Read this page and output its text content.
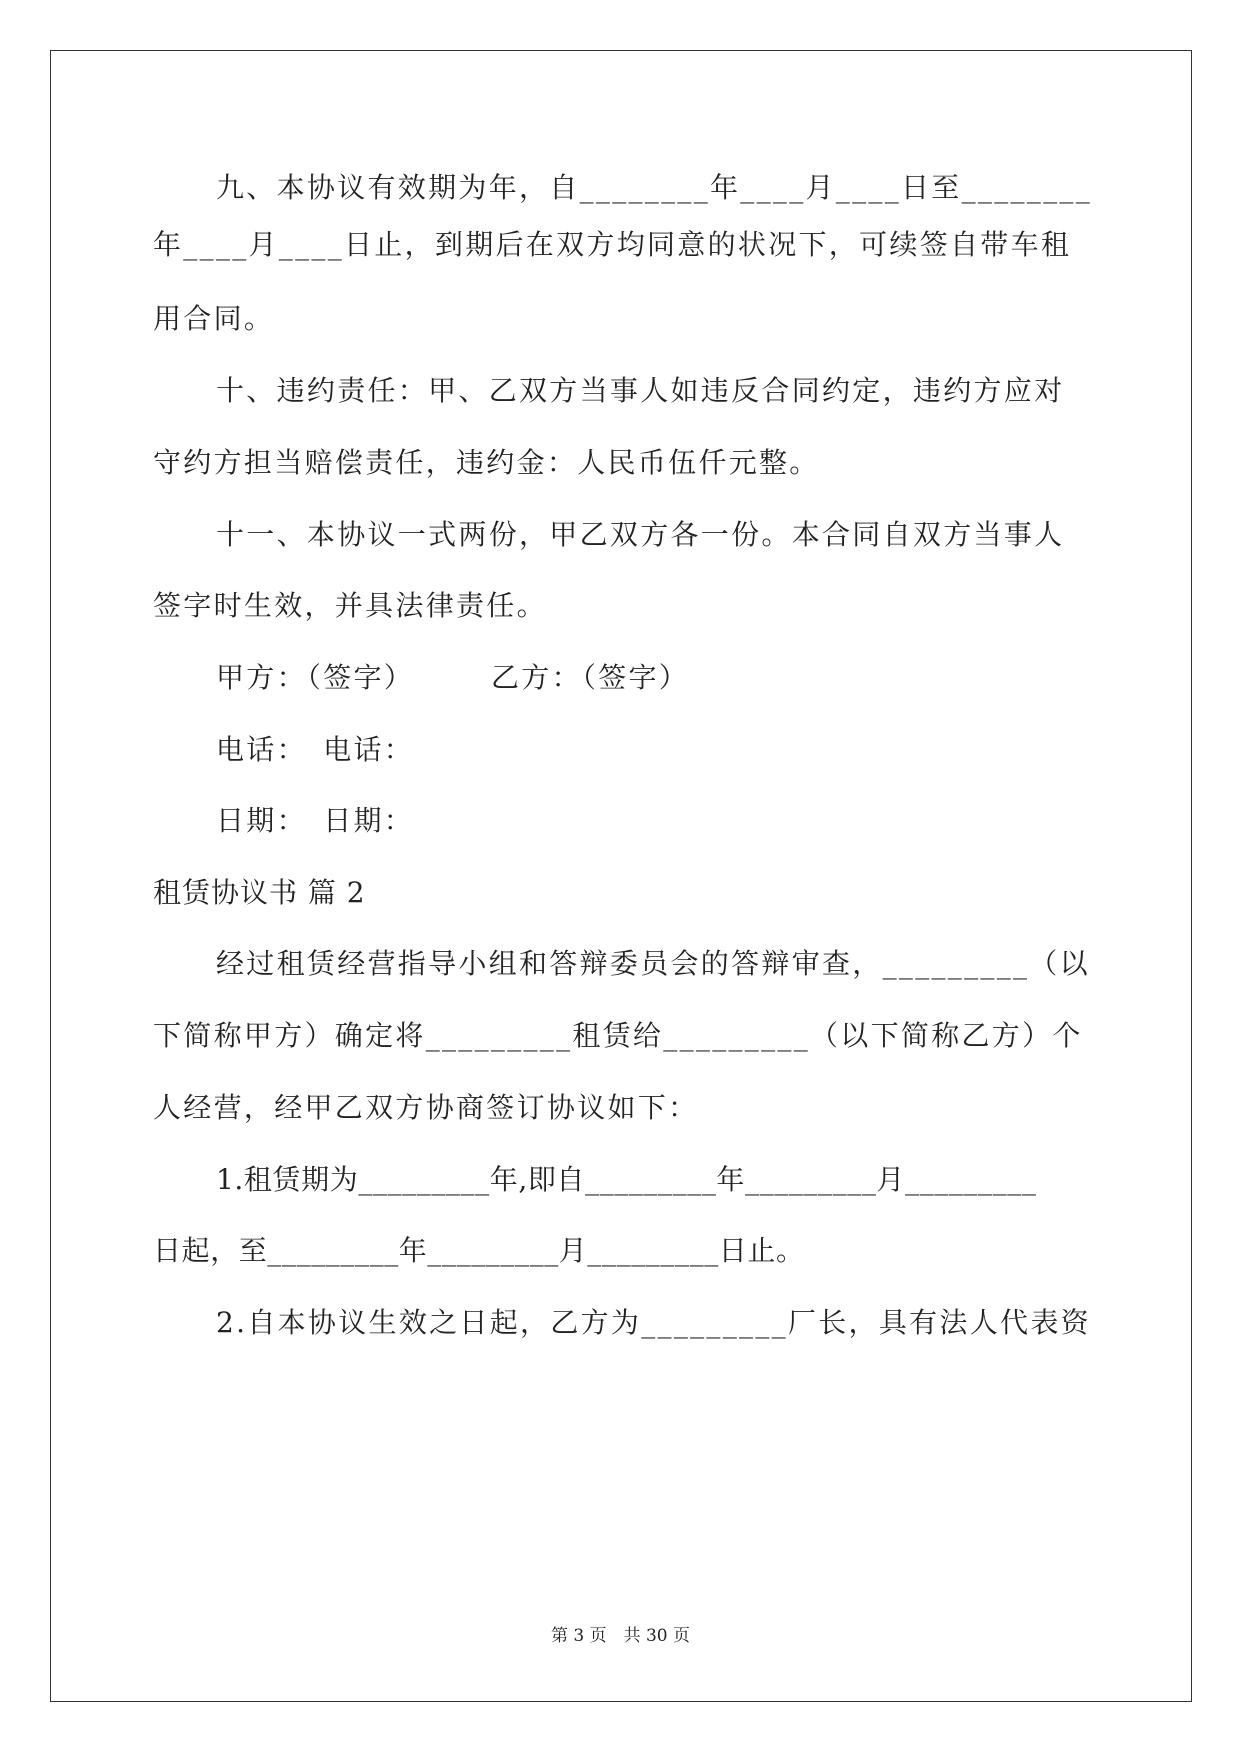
九、本协议有效期为年，自________年____月____日至________
年____月____日止，到期后在双方均同意的状况下，可续签自带车租
用合同。
十、违约责任：甲、乙双方当事人如违反合同约定，违约方应对
守约方担当赔偿责任，违约金：人民币伍仟元整。
十一、本协议一式两份，甲乙双方各一份。本合同自双方当事人
签字时生效，并具法律责任。
甲方：（签字）　　　乙方：（签字）
电话：　电话：
日期：　日期：
租赁协议书 篇 2
经过租赁经营指导小组和答辩委员会的答辩审查，_________（以
下简称甲方）确定将_________租赁给_________（以下简称乙方）个
人经营，经甲乙双方协商签订协议如下：
1.租赁期为_________年,即自_________年_________月_________
日起，至_________年_________月_________日止。
2.自本协议生效之日起，乙方为_________厂长，具有法人代表资
第 3 页　共 30 页
